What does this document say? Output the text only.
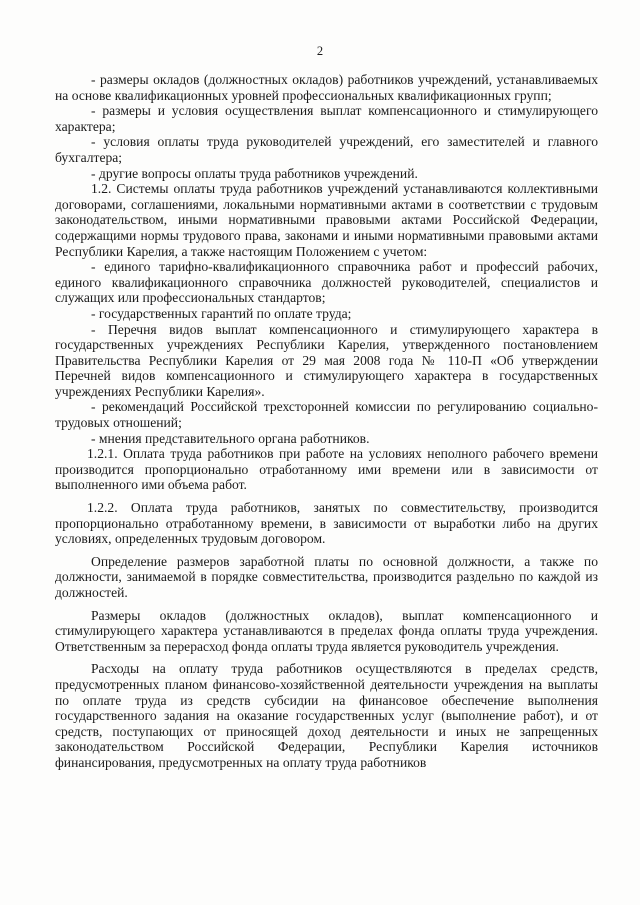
2

- размеры окладов (должностных окладов) работников учреждений, устанавливаемых на основе квалификационных уровней профессиональных квалификационных групп;

- размеры и условия осуществления выплат компенсационного и стимулирующего характера;

- условия оплаты труда руководителей учреждений, его заместителей и главного бухгалтера;

- другие вопросы оплаты труда работников учреждений.

1.2. Системы оплаты труда работников учреждений устанавливаются коллективными договорами, соглашениями, локальными нормативными актами в соответствии с трудовым законодательством, иными нормативными правовыми актами Российской Федерации, содержащими нормы трудового права, законами и иными нормативными правовыми актами Республики Карелия, а также настоящим Положением с учетом:

- единого тарифно-квалификационного справочника работ и профессий рабочих, единого квалификационного справочника должностей руководителей, специалистов и служащих или профессиональных стандартов;

- государственных гарантий по оплате труда;

- Перечня видов выплат компенсационного и стимулирующего характера в государственных учреждениях Республики Карелия, утвержденного постановлением Правительства Республики Карелия от 29 мая 2008 года № 110-П «Об утверждении Перечней видов компенсационного и стимулирующего характера в государственных учреждениях Республики Карелия».

- рекомендаций Российской трехсторонней комиссии по регулированию социально-трудовых отношений;

- мнения представительного органа работников.

1.2.1. Оплата труда работников при работе на условиях неполного рабочего времени производится пропорционально отработанному ими времени или в зависимости от выполненного ими объема работ.

1.2.2. Оплата труда работников, занятых по совместительству, производится пропорционально отработанному времени, в зависимости от выработки либо на других условиях, определенных трудовым договором.

Определение размеров заработной платы по основной должности, а также по должности, занимаемой в порядке совместительства, производится раздельно по каждой из должностей.

Размеры окладов (должностных окладов), выплат компенсационного и стимулирующего характера устанавливаются в пределах фонда оплаты труда учреждения. Ответственным за перерасход фонда оплаты труда является руководитель учреждения.

Расходы на оплату труда работников осуществляются в пределах средств, предусмотренных планом финансово-хозяйственной деятельности учреждения на выплаты по оплате труда из средств субсидии на финансовое обеспечение выполнения государственного задания на оказание государственных услуг (выполнение работ), и от средств, поступающих от приносящей доход деятельности и иных не запрещенных законодательством Российской Федерации, Республики Карелия источников финансирования, предусмотренных на оплату труда работников
